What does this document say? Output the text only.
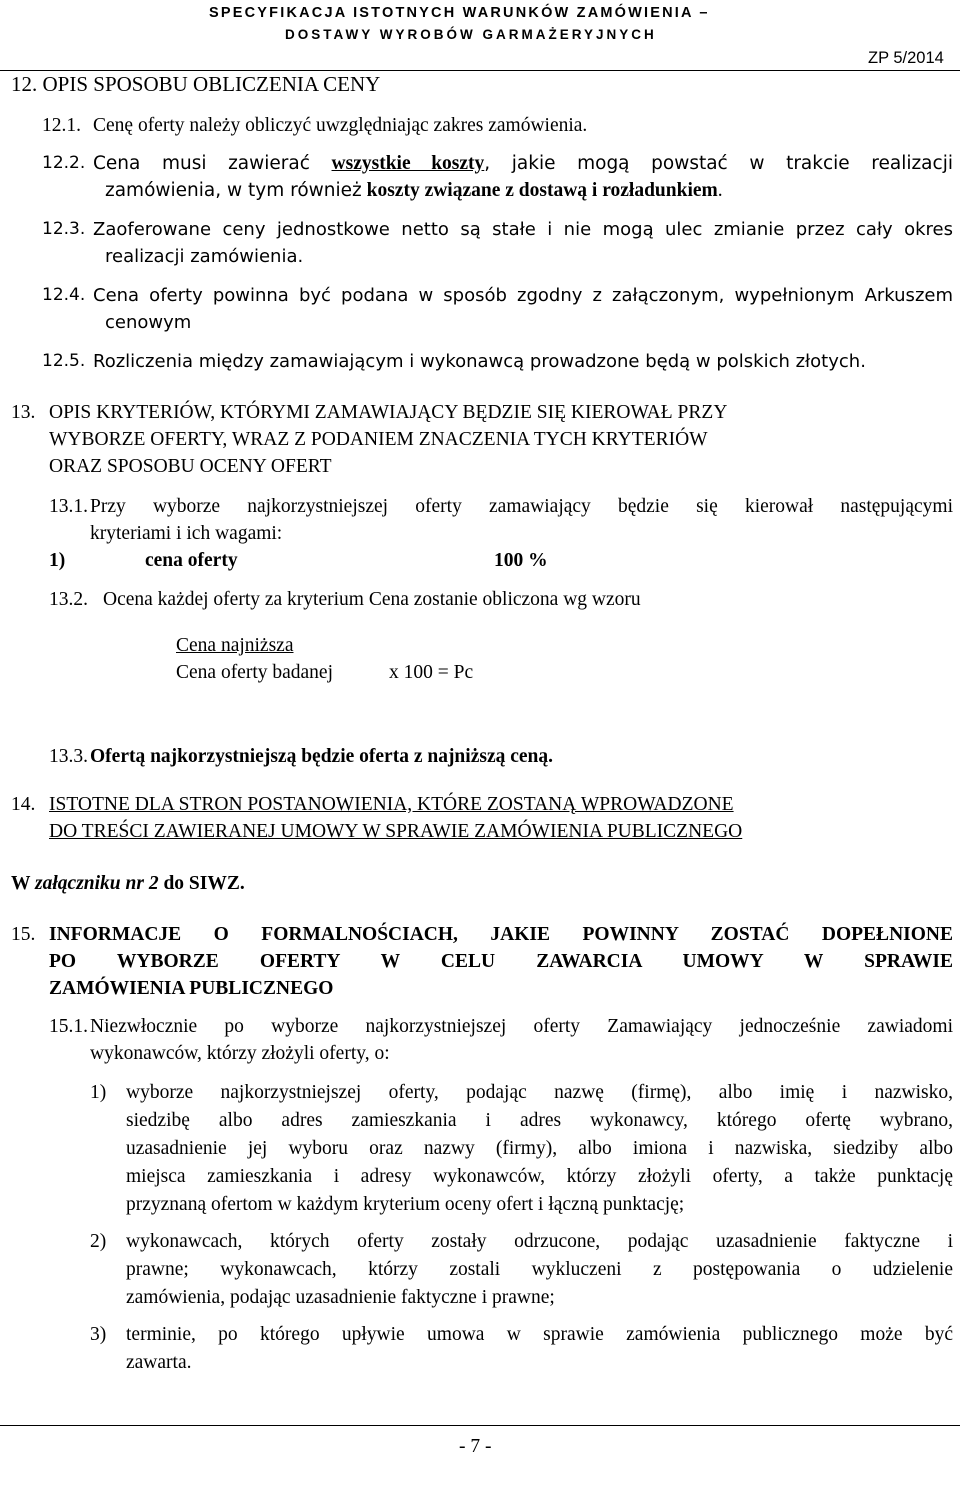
SPECYFIKACJA ISTOTNYCH WARUNKÓW ZAMÓWIENIA –
DOSTAWY WYROBÓW GARMAŻERYJNYCH
ZP 5/2014
12. OPIS SPOSOBU OBLICZENIA CENY
12.1. Cenę oferty należy obliczyć uwzględniając zakres zamówienia.
12.2. Cena musi zawierać wszystkie koszty, jakie mogą powstać w trakcie realizacji
zamówienia, w tym również koszty związane z dostawą i rozładunkiem.
12.3. Zaoferowane ceny jednostkowe netto są stałe i nie mogą ulec zmianie przez cały okres
realizacji zamówienia.
12.4. Cena oferty powinna być podana w sposób zgodny z załączonym, wypełnionym Arkuszem
cenowym
12.5. Rozliczenia między zamawiającym i wykonawcą prowadzone będą w polskich złotych.
13. OPIS KRYTERIÓW, KTÓRYMI ZAMAWIAJĄCY BĘDZIE SIĘ KIEROWAŁ PRZY
WYBORZE OFERTY, WRAZ Z PODANIEM ZNACZENIA TYCH KRYTERIÓW
ORAZ SPOSOBU OCENY OFERT
13.1. Przy wyborze najkorzystniejszej oferty zamawiający będzie się kierował następującymi
kryteriami i ich wagami:
1)	cena oferty	100 %
13.2. Ocena każdej oferty za kryterium Cena zostanie obliczona wg wzoru
Cena najniższa
Cena oferty badanej	x 100 = Pc
13.3. Ofertą najkorzystniejszą będzie oferta z najniższą ceną.
14. ISTOTNE DLA STRON POSTANOWIENIA, KTÓRE ZOSTANĄ WPROWADZONE
DO TREŚCI ZAWIERANEJ UMOWY W SPRAWIE ZAMÓWIENIA PUBLICZNEGO
W załączniku nr 2 do SIWZ.
15. INFORMACJE O FORMALNOŚCIACH, JAKIE POWINNY ZOSTAĆ DOPEŁNIONE
PO WYBORZE OFERTY W CELU ZAWARCIA UMOWY W SPRAWIE
ZAMÓWIENIA PUBLICZNEGO
15.1. Niezwłocznie po wyborze najkorzystniejszej oferty Zamawiający jednocześnie zawiadomi
wykonawców, którzy złożyli oferty, o:
1) wyborze najkorzystniejszej oferty, podając nazwę (firmę), albo imię i nazwisko,
siedzibę albo adres zamieszkania i adres wykonawcy, którego ofertę wybrano,
uzasadnienie jej wyboru oraz nazwy (firmy), albo imiona i nazwiska, siedziby albo
miejsca zamieszkania i adresy wykonawców, którzy złożyli oferty, a także punktację
przyznaną ofertom w każdym kryterium oceny ofert i łączną punktację;
2) wykonawcach, których oferty zostały odrzucone, podając uzasadnienie faktyczne i
prawne; wykonawcach, którzy zostali wykluczeni z postępowania o udzielenie
zamówienia, podając uzasadnienie faktyczne i prawne;
3) terminie, po którego upływie umowa w sprawie zamówienia publicznego może być
zawarta.
- 7 -
